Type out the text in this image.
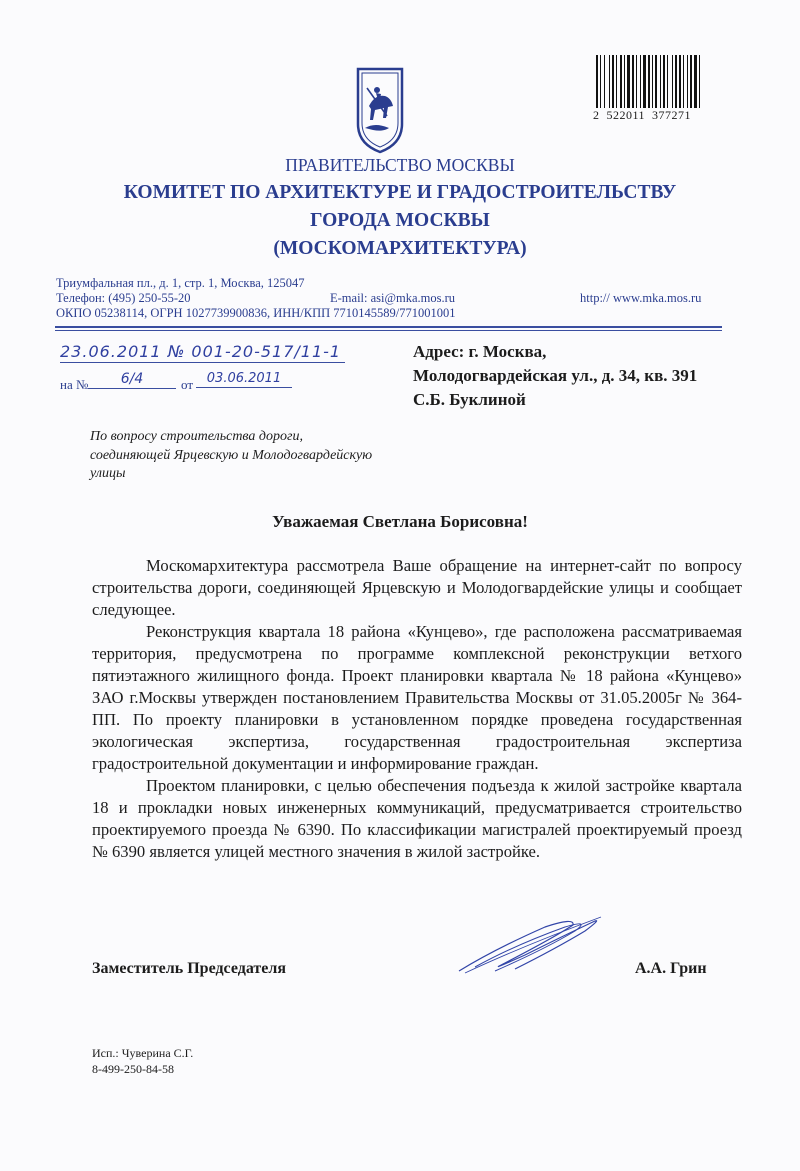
2  522011  377271
ПРАВИТЕЛЬСТВО МОСКВЫ
КОМИТЕТ ПО АРХИТЕКТУРЕ И ГРАДОСТРОИТЕЛЬСТВУ
ГОРОДА МОСКВЫ
(МОСКОМАРХИТЕКТУРА)
Триумфальная пл., д. 1, стр. 1, Москва, 125047
Телефон: (495) 250-55-20	E-mail: asi@mka.mos.ru	http:// www.mka.mos.ru
ОКПО 05238114, ОГРН 1027739900836, ИНН/КПП 7710145589/771001001
23.06.2011 № 001-20-517/11-1
на №	6/4	от	03.06.2011
Адрес: г. Москва,
Молодогвардейская ул., д. 34, кв. 391
С.Б. Буклиной
По вопросу строительства дороги, соединяющей Ярцевскую и Молодогвардейскую улицы
Уважаемая Светлана Борисовна!

Москомархитектура рассмотрела Ваше обращение на интернет-сайт по вопросу строительства дороги, соединяющей Ярцевскую и Молодогвардейские улицы и сообщает следующее.

Реконструкция квартала 18 района «Кунцево», где расположена рассматриваемая территория, предусмотрена по программе комплексной реконструкции ветхого пятиэтажного жилищного фонда. Проект планировки квартала № 18 района «Кунцево» ЗАО г.Москвы утвержден постановлением Правительства Москвы от 31.05.2005г № 364-ПП. По проекту планировки в установленном порядке проведена государственная экологическая экспертиза, государственная градостроительная экспертиза градостроительной документации и информирование граждан.

Проектом планировки, с целью обеспечения подъезда к жилой застройке квартала 18 и прокладки новых инженерных коммуникаций, предусматривается строительство проектируемого проезда № 6390. По классификации магистралей проектируемый проезд № 6390 является улицей местного значения в жилой застройке.

Заместитель Председателя	А.А. Грин
Исп.: Чуверина С.Г.
8-499-250-84-58
